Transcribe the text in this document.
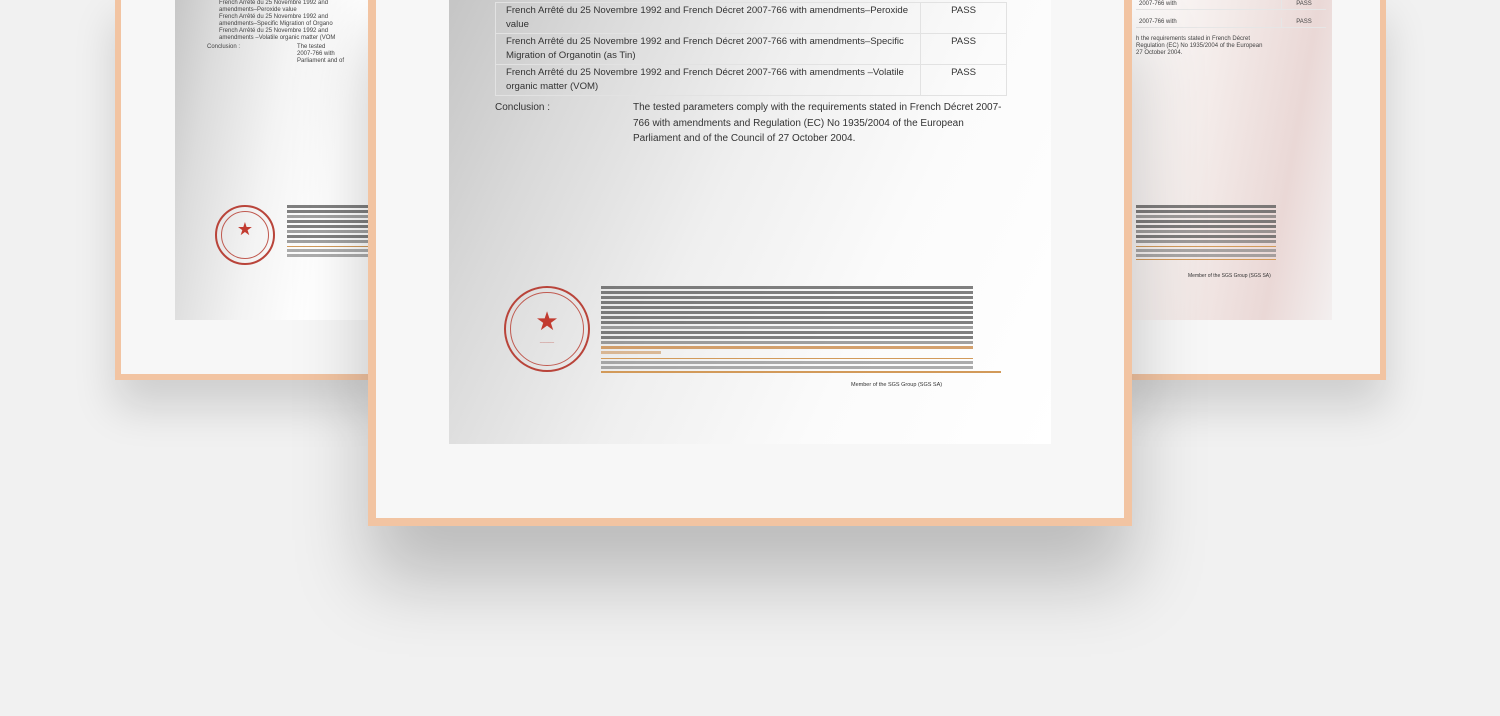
French Arrêté du 25 Novembre 1992 and
amendments–Peroxide value
French Arrêté du 25 Novembre 1992 and
amendments–Specific Migration of Organo
French Arrêté du 25 Novembre 1992 and
amendments –Volatile organic matter (VOM
Conclusion :	The tested
2007-766 with
Parliament and of
★
2007-766 with	PASS
2007-766 with	PASS
h the requirements stated in French Décret
Regulation (EC) No 1935/2004 of the European
27 October 2004.
Member of the SGS Group (SGS SA)
French Arrêté du 25 Novembre 1992 and French Décret 2007-766 with amendments–Peroxide value	PASS
French Arrêté du 25 Novembre 1992 and French Décret 2007-766 with amendments–Specific Migration of Organotin (as Tin)	PASS
French Arrêté du 25 Novembre 1992 and French Décret 2007-766 with amendments –Volatile organic matter (VOM)	PASS
Conclusion :	The tested parameters comply with the requirements stated in French Décret 2007-766 with amendments and Regulation (EC) No 1935/2004 of the European Parliament and of the Council of 27 October 2004.
★
─────
Member of the SGS Group (SGS SA)
